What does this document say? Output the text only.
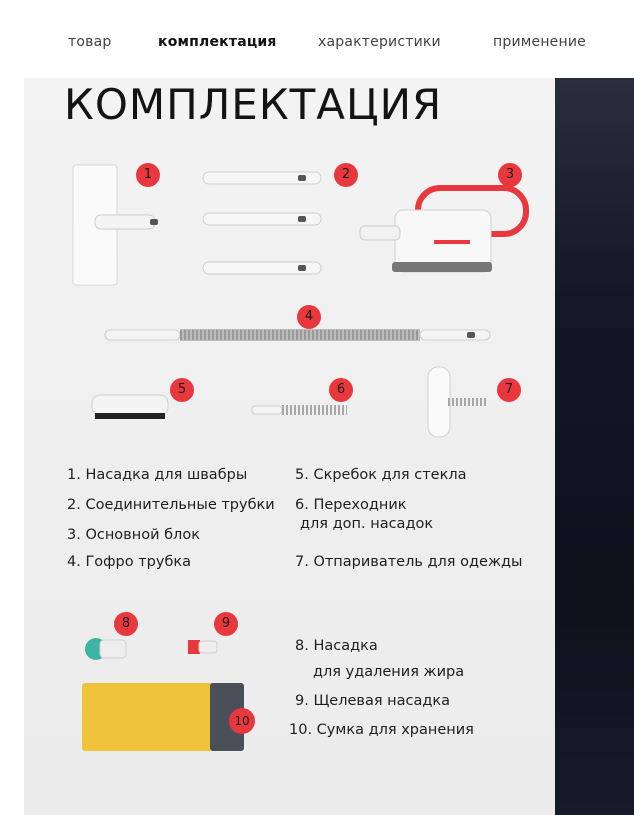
товар	комплектация	характеристики	применение
КОМПЛЕКТАЦИЯ
1	2	3
4
5	6	7
8	9
10
1. Насадка для швабры
2. Соединительные трубки
3. Основной блок
4. Гофро трубка
5. Скребок для стекла
6. Переходник
для доп. насадок
7. Отпариватель для одежды
8. Насадка
для удаления жира
9. Щелевая насадка
10. Сумка для хранения
